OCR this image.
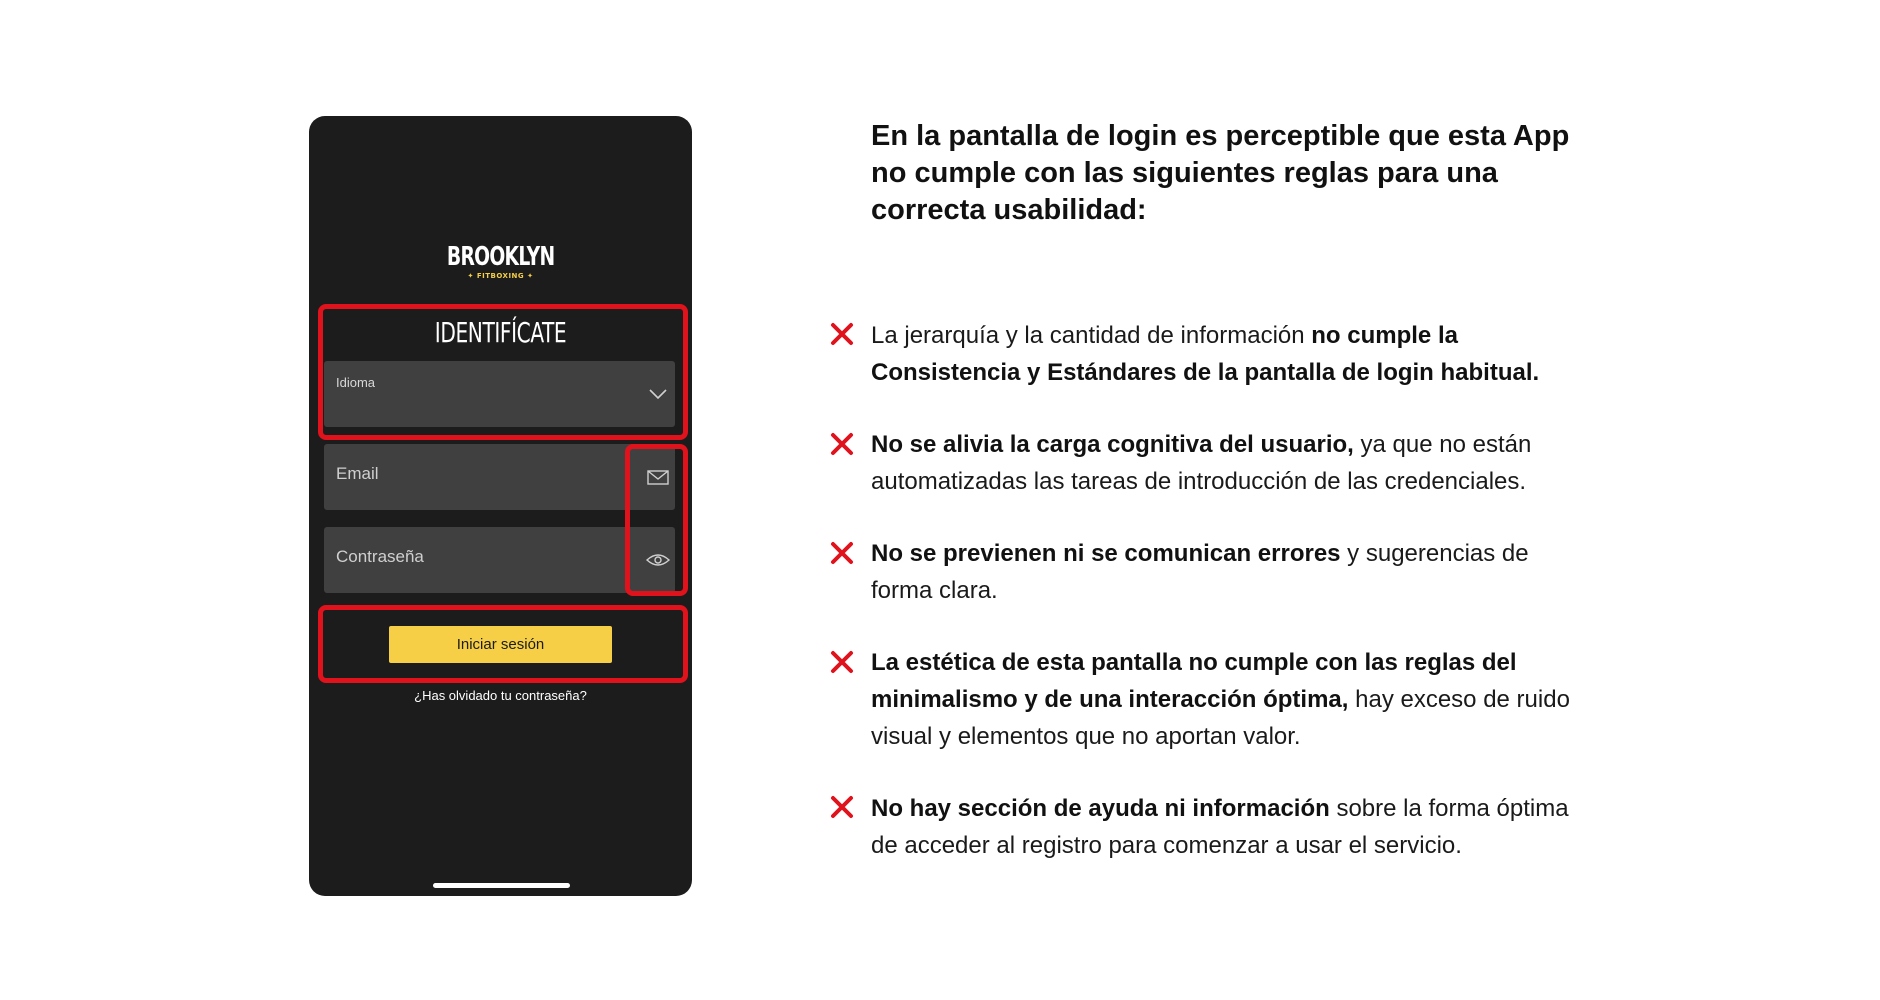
BROOKLYN
✦ FITBOXING ✦
IDENTIFÍCATE
Idioma
Email
Contraseña
Iniciar sesión
¿Has olvidado tu contraseña?
En la pantalla de login es perceptible que esta App no cumple con las siguientes reglas para una correcta usabilidad:
La jerarquía y la cantidad de información no cumple la Consistencia y Estándares de la pantalla de login habitual.
No se alivia la carga cognitiva del usuario, ya que no están automatizadas las tareas de introducción de las credenciales.
No se previenen ni se comunican errores y sugerencias de forma clara.
La estética de esta pantalla no cumple con las reglas del minimalismo y de una interacción óptima, hay exceso de ruido visual y elementos que no aportan valor.
No hay sección de ayuda ni información sobre la forma óptima de acceder al registro para comenzar a usar el servicio.
